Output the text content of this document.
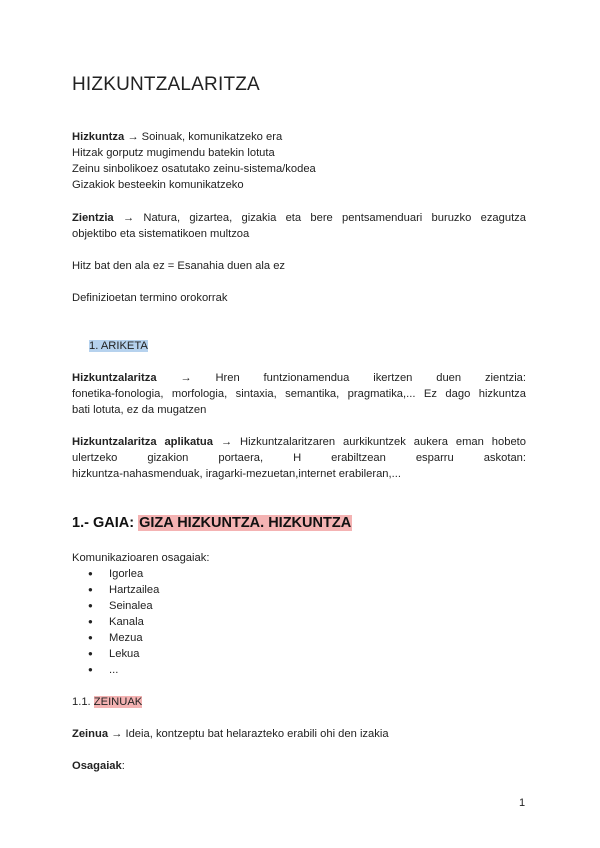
HIZKUNTZALARITZA
Hizkuntza → Soinuak, komunikatzeko era
Hitzak gorputz mugimendu batekin lotuta
Zeinu sinbolikoez osatutako zeinu-sistema/kodea
Gizakiok besteekin komunikatzeko
Zientzia → Natura, gizartea, gizakia eta bere pentsamenduari buruzko ezagutza
objektibo eta sistematikoen multzoa
Hitz bat den ala ez = Esanahia duen ala ez
Definizioetan termino orokorrak
1. ARIKETA
Hizkuntzalaritza → Hren funtzionamendua ikertzen duen zientzia:
fonetika-fonologia, morfologia, sintaxia, semantika, pragmatika,... Ez dago hizkuntza
bati lotuta, ez da mugatzen
Hizkuntzalaritza aplikatua → Hizkuntzalaritzaren aurkikuntzek aukera eman hobeto
ulertzeko gizakion portaera, H erabiltzean esparru askotan:
hizkuntza-nahasmenduak, iragarki-mezuetan,internet erabileran,...
1.- GAIA: GIZA HIZKUNTZA. HIZKUNTZA
Komunikazioaren osagaiak:
● Igorlea
● Hartzailea
● Seinalea
● Kanala
● Mezua
● Lekua
● ...
1.1. ZEINUAK
Zeinua → Ideia, kontzeptu bat helarazteko erabili ohi den izakia
Osagaiak:
1
